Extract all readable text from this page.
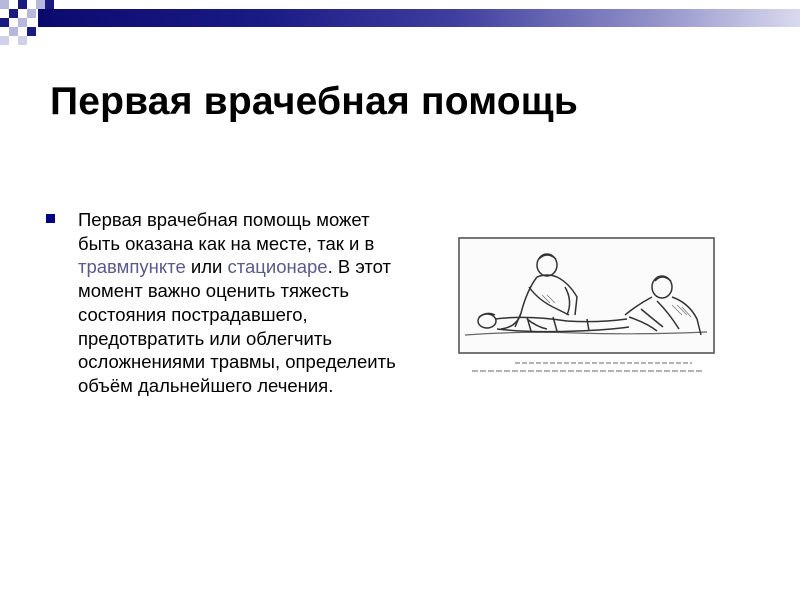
Первая врачебная помощь
Первая врачебная помощь может быть оказана как на месте, так и в травмпункте или стационаре. В этот момент важно оценить тяжесть состояния пострадавшего, предотвратить или облегчить осложнениями травмы, определеить объём дальнейшего лечения.
